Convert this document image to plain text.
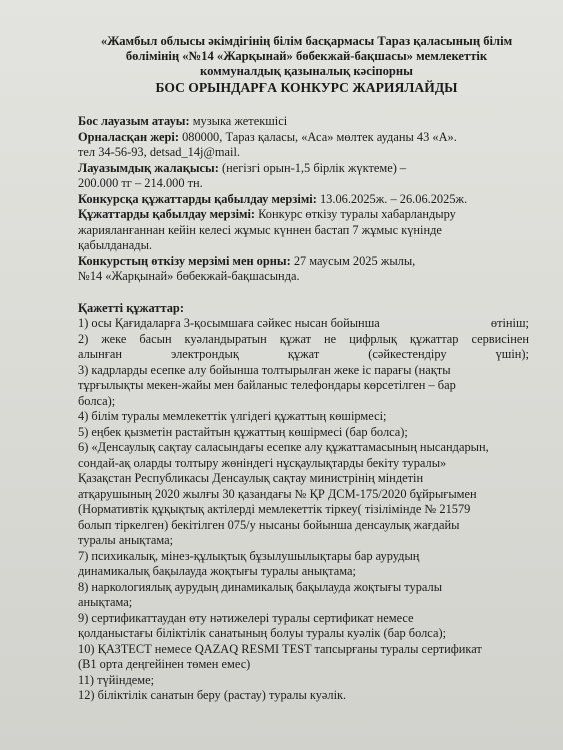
«Жамбыл облысы әкімдігінің білім басқармасы Тараз қаласының білім

бөлімінің «№14 «Жарқынай» бөбекжай-бақшасы» мемлекеттік

коммуналдық қазыналық кәсіпорны

БОС ОРЫНДАРҒА КОНКУРС ЖАРИЯЛАЙДЫ

Бос лауазым атауы: музыка жетекшісі

Орналасқан жері: 080000, Тараз қаласы, «Аса» мөлтек ауданы 43 «А».

тел 34-56-93, detsad_14j@mail.

Лауазымдық жалақысы: (негізгі орын-1,5 бірлік жүктеме) –

200.000 тг – 214.000 тн.

Конкурсқа құжаттарды қабылдау мерзімі: 13.06.2025ж. – 26.06.2025ж.

Құжаттарды қабылдау мерзімі: Конкурс өткізу туралы хабарландыру

жарияланғаннан кейін келесі жұмыс күннен бастап 7 жұмыс күнінде

қабылданады.

Конкурстың өткізу мерзімі мен орны: 27 маусым 2025 жылы,

№14 «Жарқынай» бөбекжай-бақшасында.

Қажетті құжаттар:

1) осы Қағидаларға 3-қосымшаға сәйкес нысан бойынша	өтініш;

2) жеке басын куәландыратын құжат не цифрлық құжаттар сервисінен

алынған	электрондық	құжат	(сәйкестендіру	үшін);

3) кадрларды есепке алу бойынша толтырылған жеке іс парағы (нақты

тұрғылықты мекен-жайы мен байланыс телефондары көрсетілген – бар

болса);

4) білім туралы мемлекеттік үлгідегі құжаттың көшірмесі;

5) еңбек қызметін растайтын құжаттың көшірмесі (бар болса);

6) «Денсаулық сақтау саласындағы есепке алу құжаттамасының нысандарын,

сондай-ақ оларды толтыру жөніндегі нұсқаулықтарды бекіту туралы»

Қазақстан Республикасы Денсаулық сақтау министрінің міндетін

атқарушының 2020 жылғы 30 қазандағы № ҚР ДСМ-175/2020 бұйрығымен

(Нормативтік құқықтық актілерді мемлекеттік тіркеу( тізілімінде № 21579

болып тіркелген) бекітілген 075/у нысаны бойынша денсаулық жағдайы

туралы анықтама;

7) психикалық, мінез-құлықтық бұзылушылықтары бар аурудың

динамикалық бақылауда жоқтығы туралы анықтама;

8) наркологиялық аурудың динамикалық бақылауда жоқтығы туралы

анықтама;

9) сертификаттаудан өту нәтижелері туралы сертификат немесе

қолданыстағы біліктілік санатының болуы туралы куәлік (бар болса);

10) ҚАЗТЕСТ немесе QAZAQ RESMI TEST тапсырғаны туралы сертификат

(B1 орта деңгейінен төмен емес)

11) түйіндеме;

12) біліктілік санатын беру (растау) туралы куәлік.
